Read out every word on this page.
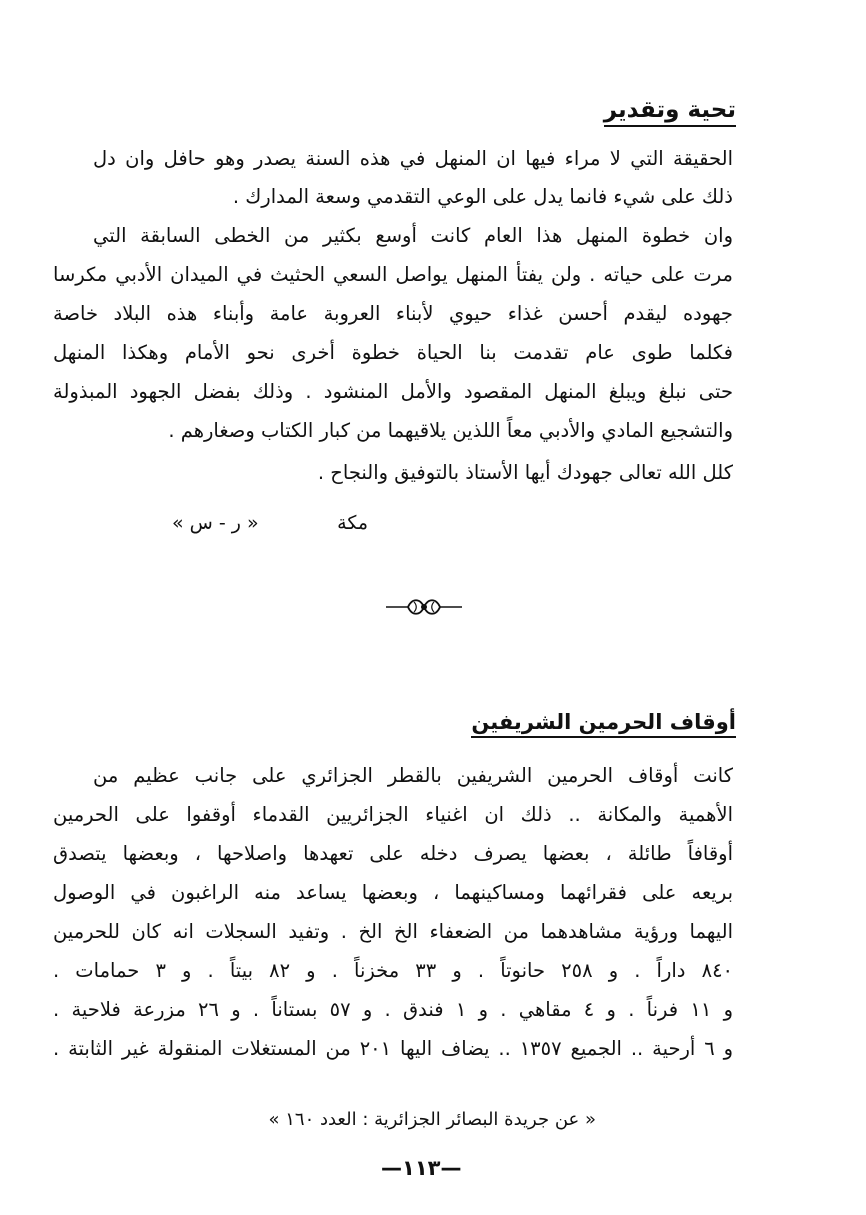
تحية وتقدير
الحقيقة التي لا مراء فيها ان المنهل في هذه السنة يصدر وهو حافل وان دل
ذلك على شيء فانما يدل على الوعي التقدمي وسعة المدارك .
وان خطوة المنهل هذا العام كانت أوسع بكثير من الخطى السابقة التي
مرت على حياته . ولن يفتأ المنهل يواصل السعي الحثيث في الميدان الأدبي مكرسا
جهوده ليقدم أحسن غذاء حيوي لأبناء العروبة عامة وأبناء هذه البلاد خاصة
فكلما طوى عام تقدمت بنا الحياة خطوة أخرى نحو الأمام وهكذا المنهل
حتى نبلغ ويبلغ المنهل المقصود والأمل المنشود . وذلك بفضل الجهود المبذولة
والتشجيع المادي والأدبي معاً اللذين يلاقيهما من كبار الكتاب وصغارهم .
كلل الله تعالى جهودك أيها الأستاذ بالتوفيق والنجاح .
مكة
« ر - س »
أوقاف الحرمين الشريفين
كانت أوقاف الحرمين الشريفين بالقطر الجزائري على جانب عظيم من
الأهمية والمكانة .. ذلك ان اغنياء الجزائريين القدماء أوقفوا على الحرمين
أوقافاً طائلة ، بعضها يصرف دخله على تعهدها واصلاحها ، وبعضها يتصدق
بريعه على فقرائهما ومساكينهما ، وبعضها يساعد منه الراغبون في الوصول
اليهما ورؤية مشاهدهما من الضعفاء الخ الخ . وتفيد السجلات انه كان للحرمين
٨٤٠ داراً . و ٢٥٨ حانوتاً . و ٣٣ مخزناً . و ٨٢ بيتاً . و ٣ حمامات .
و ١١ فرناً . و ٤ مقاهي . و ١ فندق . و ٥٧ بستاناً . و ٢٦ مزرعة فلاحية .
و ٦ أرحية .. الجميع ١٣٥٧ .. يضاف اليها ٢٠١ من المستغلات المنقولة غير الثابتة .
« عن جريدة البصائر الجزائرية : العدد ١٦٠ »
—١١٣—
